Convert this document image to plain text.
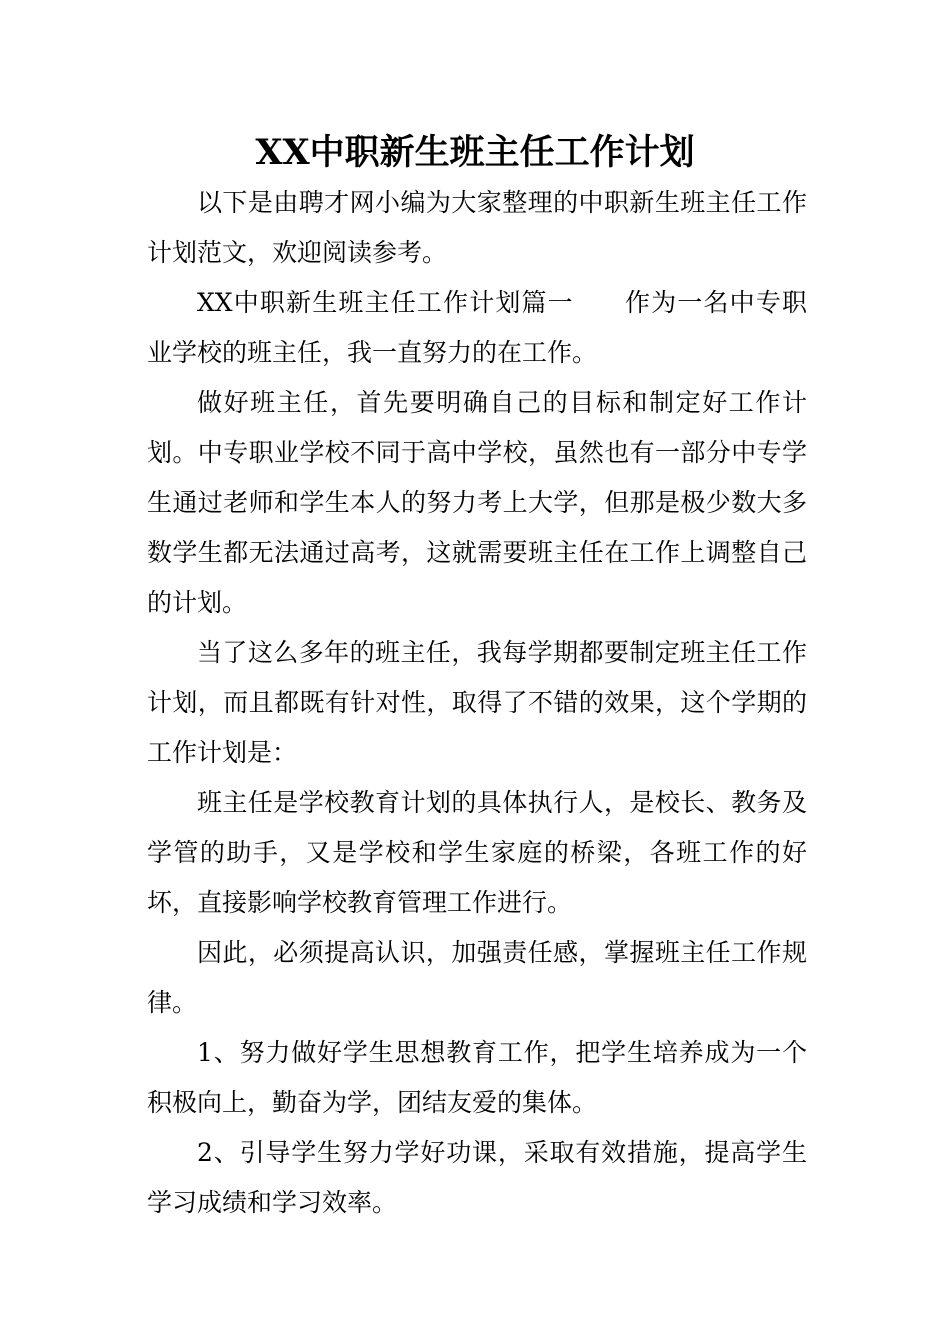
XX中职新生班主任工作计划

以下是由聘才网小编为大家整理的中职新生班主任工作计划范文，欢迎阅读参考。

XX中职新生班主任工作计划篇一 作为一名中专职业学校的班主任，我一直努力的在工作。

做好班主任，首先要明确自己的目标和制定好工作计划。中专职业学校不同于高中学校，虽然也有一部分中专学生通过老师和学生本人的努力考上大学，但那是极少数大多数学生都无法通过高考，这就需要班主任在工作上调整自己的计划。

当了这么多年的班主任，我每学期都要制定班主任工作计划，而且都既有针对性，取得了不错的效果，这个学期的工作计划是：

班主任是学校教育计划的具体执行人，是校长、教务及学管的助手，又是学校和学生家庭的桥梁，各班工作的好坏，直接影响学校教育管理工作进行。

因此，必须提高认识，加强责任感，掌握班主任工作规律。

1、努力做好学生思想教育工作，把学生培养成为一个积极向上，勤奋为学，团结友爱的集体。

2、引导学生努力学好功课，采取有效措施，提高学生学习成绩和学习效率。
